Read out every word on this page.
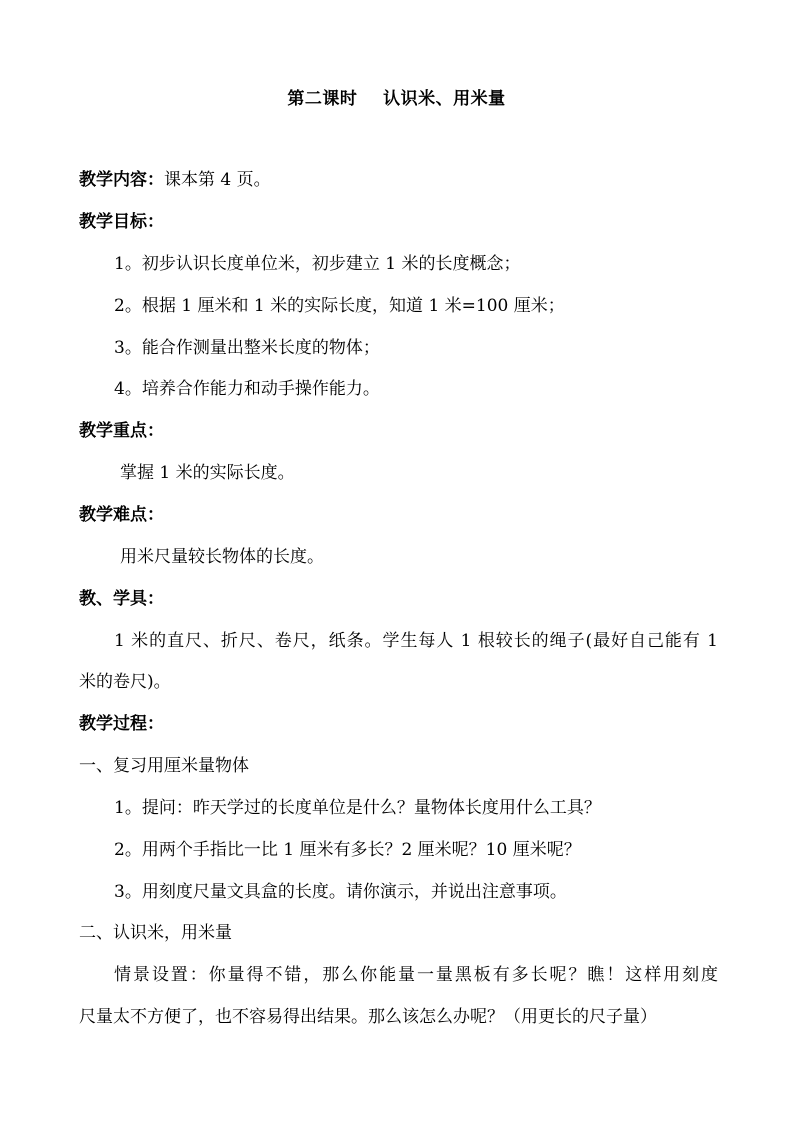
第二课时    认识米、用米量
教学内容：课本第 4 页。
教学目标：
1。初步认识长度单位米，初步建立 1 米的长度概念；
2。根据 1 厘米和 1 米的实际长度，知道 1 米=100 厘米；
3。能合作测量出整米长度的物体；
4。培养合作能力和动手操作能力。
教学重点：
掌握 1 米的实际长度。
教学难点：
用米尺量较长物体的长度。
教、学具：
1 米的直尺、折尺、卷尺，纸条。学生每人 1 根较长的绳子(最好自己能有 1
米的卷尺)。
教学过程：
一、复习用厘米量物体
1。提问：昨天学过的长度单位是什么？量物体长度用什么工具？
2。用两个手指比一比 1 厘米有多长？2 厘米呢？10 厘米呢？
3。用刻度尺量文具盒的长度。请你演示，并说出注意事项。
二、认识米，用米量
情景设置：你量得不错，那么你能量一量黑板有多长呢？瞧！这样用刻度
尺量太不方便了，也不容易得出结果。那么该怎么办呢？（用更长的尺子量）
